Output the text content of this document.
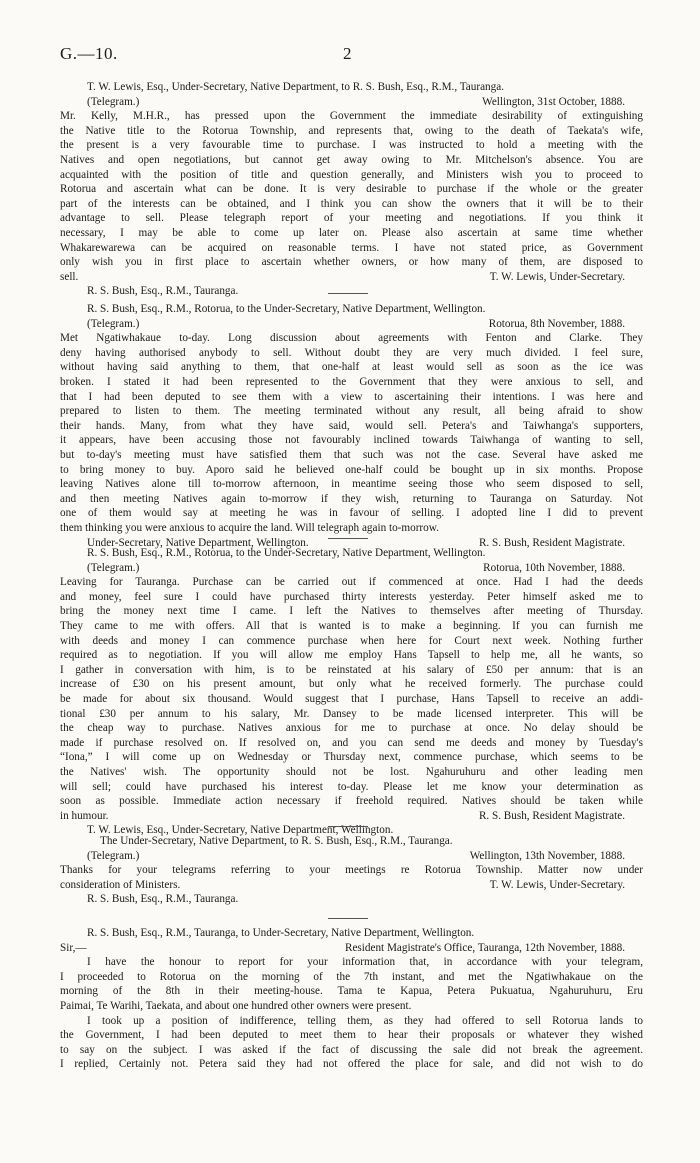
G.—10.	2
T. W. Lewis, Esq., Under-Secretary, Native Department, to R. S. Bush, Esq., R.M., Tauranga.
(Telegram.)	Wellington, 31st October, 1888.
Mr. Kelly, M.H.R., has pressed upon the Government the immediate desirability of extinguishing
the Native title to the Rotorua Township, and represents that, owing to the death of Taekata's wife,
the present is a very favourable time to purchase. I was instructed to hold a meeting with the
Natives and open negotiations, but cannot get away owing to Mr. Mitchelson's absence. You are
acquainted with the position of title and question generally, and Ministers wish you to proceed to
Rotorua and ascertain what can be done. It is very desirable to purchase if the whole or the greater
part of the interests can be obtained, and I think you can show the owners that it will be to their
advantage to sell. Please telegraph report of your meeting and negotiations. If you think it
necessary, I may be able to come up later on. Please also ascertain at same time whether
Whakarewarewa can be acquired on reasonable terms. I have not stated price, as Government
only wish you in first place to ascertain whether owners, or how many of them, are disposed to
sell.	T. W. Lewis, Under-Secretary.
R. S. Bush, Esq., R.M., Tauranga.
R. S. Bush, Esq., R.M., Rotorua, to the Under-Secretary, Native Department, Wellington.
(Telegram.)	Rotorua, 8th November, 1888.
Met Ngatiwhakaue to-day. Long discussion about agreements with Fenton and Clarke. They
deny having authorised anybody to sell. Without doubt they are very much divided. I feel sure,
without having said anything to them, that one-half at least would sell as soon as the ice was
broken. I stated it had been represented to the Government that they were anxious to sell, and
that I had been deputed to see them with a view to ascertaining their intentions. I was here and
prepared to listen to them. The meeting terminated without any result, all being afraid to show
their hands. Many, from what they have said, would sell. Petera's and Taiwhanga's supporters,
it appears, have been accusing those not favourably inclined towards Taiwhanga of wanting to sell,
but to-day's meeting must have satisfied them that such was not the case. Several have asked me
to bring money to buy. Aporo said he believed one-half could be bought up in six months. Propose
leaving Natives alone till to-morrow afternoon, in meantime seeing those who seem disposed to sell,
and then meeting Natives again to-morrow if they wish, returning to Tauranga on Saturday. Not
one of them would say at meeting he was in favour of selling. I adopted line I did to prevent
them thinking you were anxious to acquire the land. Will telegraph again to-morrow.
Under-Secretary, Native Department, Wellington.	R. S. Bush, Resident Magistrate.
R. S. Bush, Esq., R.M., Rotorua, to the Under-Secretary, Native Department, Wellington.
(Telegram.)	Rotorua, 10th November, 1888.
Leaving for Tauranga. Purchase can be carried out if commenced at once. Had I had the deeds
and money, feel sure I could have purchased thirty interests yesterday. Peter himself asked me to
bring the money next time I came. I left the Natives to themselves after meeting of Thursday.
They came to me with offers. All that is wanted is to make a beginning. If you can furnish me
with deeds and money I can commence purchase when here for Court next week. Nothing further
required as to negotiation. If you will allow me employ Hans Tapsell to help me, all he wants, so
I gather in conversation with him, is to be reinstated at his salary of £50 per annum: that is an
increase of £30 on his present amount, but only what he received formerly. The purchase could
be made for about six thousand. Would suggest that I purchase, Hans Tapsell to receive an addi-
tional £30 per annum to his salary, Mr. Dansey to be made licensed interpreter. This will be
the cheap way to purchase. Natives anxious for me to purchase at once. No delay should be
made if purchase resolved on. If resolved on, and you can send me deeds and money by Tuesday's
“Iona,” I will come up on Wednesday or Thursday next, commence purchase, which seems to be
the Natives' wish. The opportunity should not be lost. Ngahuruhuru and other leading men
will sell; could have purchased his interest to-day. Please let me know your determination as
soon as possible. Immediate action necessary if freehold required. Natives should be taken while
in humour.	R. S. Bush, Resident Magistrate.
T. W. Lewis, Esq., Under-Secretary, Native Department, Wellington.
The Under-Secretary, Native Department, to R. S. Bush, Esq., R.M., Tauranga.
(Telegram.)	Wellington, 13th November, 1888.
Thanks for your telegrams referring to your meetings re Rotorua Township. Matter now under
consideration of Ministers.	T. W. Lewis, Under-Secretary.
R. S. Bush, Esq., R.M., Tauranga.
R. S. Bush, Esq., R.M., Tauranga, to Under-Secretary, Native Department, Wellington.
Sir,—	Resident Magistrate's Office, Tauranga, 12th November, 1888.
I have the honour to report for your information that, in accordance with your telegram,
I proceeded to Rotorua on the morning of the 7th instant, and met the Ngatiwhakaue on the
morning of the 8th in their meeting-house. Tama te Kapua, Petera Pukuatua, Ngahuruhuru, Eru
Paimai, Te Warihi, Taekata, and about one hundred other owners were present.
I took up a position of indifference, telling them, as they had offered to sell Rotorua lands to
the Government, I had been deputed to meet them to hear their proposals or whatever they wished
to say on the subject. I was asked if the fact of discussing the sale did not break the agreement.
I replied, Certainly not. Petera said they had not offered the place for sale, and did not wish to do
